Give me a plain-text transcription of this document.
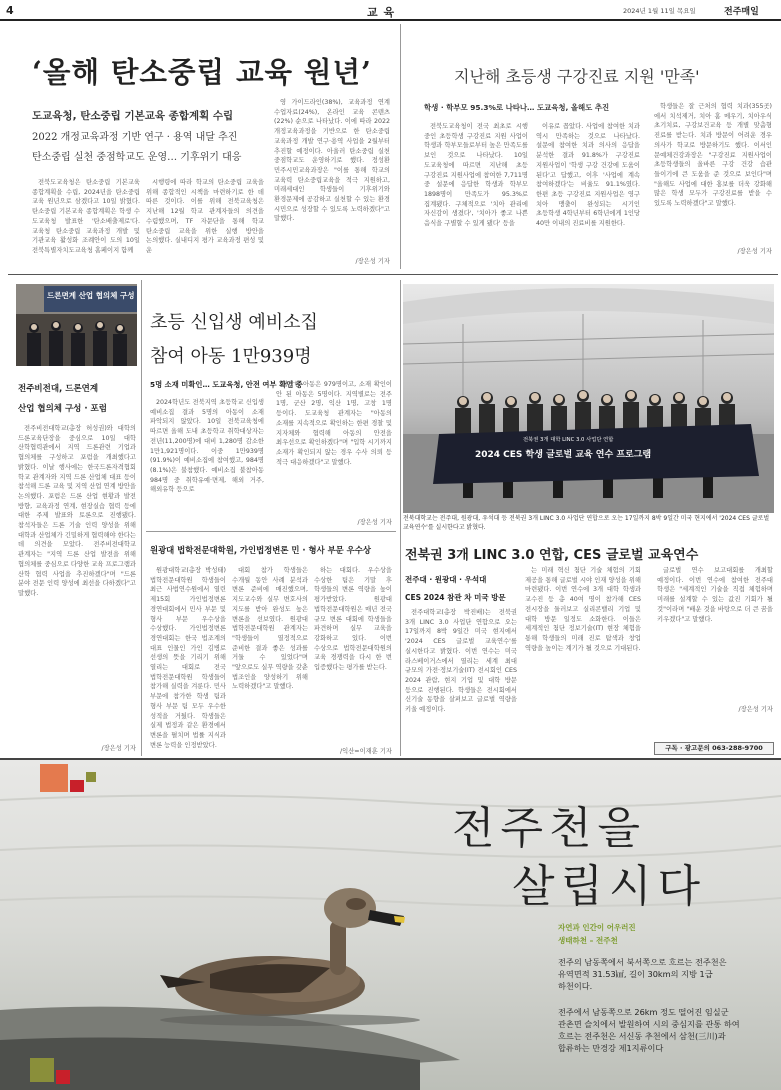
4	교 육	2024년 1월 11일 목요일	전주매일
‘올해 탄소중립 교육 원년’
도교육청, 탄소중립 기본교육 종합계획 수립
2022 개정교육과정 기반 연구 · 용역 내달 추진
탄소중립 실천 중점학교도 운영… 기후위기 대응

전북도교육청은 탄소중립 기본교육 종합계획을 수립, 2024년을 탄소중립 교육 원년으로 삼겠다고 10일 밝혔다. 탄소중립 기본교육 종합계획은 학생 수 도교육청 발표한 '탄소배출제로'다. 교육청 탄소중립 교육과정 개발 및 기관교육 활성화 조례안이 도의 10일 전북특별자치도교육청 홈페이지 함께

시행령에 따라 학교의 탄소중립 교육을 위해 종합적인 시책을 마련하기로 한 데 따른 것이다. 이를 위해 전북교육청은 지난해 12월 학교 관계자들의 의견을 수렴했으며, TF 자문단을 통해 학교 탄소중립 교육을 위한 실행 방안을 논의했다. 실내디지 평가 교육과정 편성 및 운

영 가이드라인(38%), 교육과정 연계 수업자료(24%), 온라인 교육 콘텐츠(22%) 순으로 나타났다. 이에 따라 2022 개정교육과정을 기반으로 한 탄소중립 교육과정 개발 연구·용역 사업을 2월부터 추진할 예정이다. 아울러 탄소중립 실천 중점학교도 운영하기로 했다. 정성환 민주시민교육과장은 "이를 통해 학교의 교육력 탄소중립교육을 적극 지원하고, 미래세대인 학생들이 기후위기와 환경문제에 공감하고 실천할 수 있는 환경 시민으로 성장할 수 있도록 노력하겠다"고 말했다.

/장은성 기자
지난해 초등생 구강진료 지원 '만족'
학생 · 학부모 95.3%로 나타나… 도교육청, 올해도 추진

전북도교육청이 전국 최초로 시행 중인 초등학생 구강진료 지원 사업이 학생과 학부모들로부터 높은 만족도를 보인 것으로 나타났다. 10일 도교육청에 따르면 지난해 초등 구강진료 지원사업에 참여한 7,711명 중 설문에 응답한 학생과 학부모 1898명이 만족도가 95.3%로 집계됐다. 구체적으로 '치아 관리에 자신감이 생겼다', '치아가 좋고 나쁜 음식을 구별할 수 있게 됐다' 등을

이유로 꼽았다. 사업에 참여한 치과 역시 만족하는 것으로 나타났다. 설문에 참여한 치과 의사의 응답을 분석한 결과 91.8%가 구강진료 지원사업이 '학생 구강 건강에 도움이 된다'고 답했고, 이후 '사업에 계속 참여하겠다'는 비율도 91.1%였다. 한편 초등 구강진료 지원사업은 영구 치아 맹출이 완성되는 시기인 초등학생 4학년부터 6학년에게 1인당 40만 이내의 진료비를 지원한다.

학생들은 잘 근처의 협력 치과(355곳)에서 치석제거, 치아 홈 메우기, 치아우식 초기치료, 구강보건교육 등 개별 맞춤형 진료를 받는다. 치과 방문이 어려운 경우 의사가 학교로 방문하기도 했다. 이서인 문예체건강과장은 "구강진료 지원사업이 초등학생들의 올바른 구강 건강 습관 들이기에 큰 도움을 준 것으로 보인다"며 "올해도 사업에 대한 홍보를 더욱 강화해 많은 학생 모두가 구강진료를 받을 수 있도록 노력하겠다"고 말했다.

/장은성 기자
드론면계 산업 협의체 구성
전주비전대, 드론연계
산업 협의체 구성 · 포럼

전주비전대학교(총장 허성권)와 대학의 드론교육단장을 중심으로 10일 대학 산학협력관에서 지역 드론관련 기업과 협의체를 구성하고 포럼을 개최했다고 밝혔다. 이날 행사에는 한국드론자격협회 학교 관계자와 지역 드론 산업체 대표 등이 참석해 드론 교육 및 지역 산업 연계 방안을 논의했다. 포럼은 드론 산업 현황과 발전 방향, 교육과정 연계, 현장실습 협력 등에 대한 주제 발표와 토론으로 진행됐다. 참석자들은 드론 기술 인력 양성을 위해 대학과 산업체가 긴밀하게 협력해야 한다는 데 의견을 모았다. 전주비전대학교 관계자는 "지역 드론 산업 발전을 위해 협의체를 중심으로 다양한 교육 프로그램과 산학 협력 사업을 추진하겠다"며 "드론 분야 전문 인력 양성에 최선을 다하겠다"고 말했다.

/장은성 기자
초등 신입생 예비소집
참여 아동 1만939명
5명 소재 미확인… 도교육청, 안전 여부 확인 중

2024학년도 전북지역 초등학교 신입생 예비소집 결과 5명의 아동이 소재 파악되지 않았다. 10일 전북교육청에 따르면 올해 도내 초등학교 취학대상자는 전년(11,200명)에 대비 1,280명 감소한 1만1,921명이다. 이중 1만939명(91.9%)이 예비소집에 참여했고, 984명(8.1%)은 불참했다. 예비소집 불참아동 984명 중 취학유예·면제, 해외 거주, 해외유학 등으로

불참한 아동은 979명이고, 소재 확인이 안 된 아동은 5명이다. 지역별로는 전주 1명, 군산 2명, 익산 1명, 고창 1명 등이다. 도교육청 관계자는 "아동의 소재를 지속적으로 확인하는 한편 경찰 및 지자체와 협력해 아동의 안전을 최우선으로 확인하겠다"며 "입학 시기까지 소재가 확인되지 않는 경우 수사 의뢰 등 적극 대응하겠다"고 말했다.

/장은성 기자
원광대 법학전문대학원, 가인법정변론 민 · 형사 부문 우수상

원광대학교(총장 박성태) 법학전문대학원 학생들이 최근 사법연수원에서 열린 제15회 가인법정변론 경연대회에서 민사 부문 및 형사 부문 우수상을 수상했다. 가인법정변론 경연대회는 한국 법조계의 대표 인물인 가인 김병로 선생의 뜻을 기리기 위해 열리는 대회로 전국 법학전문대학원 학생들이 참가해 실력을 겨룬다. 민사 부문에 참가한 학생 팀과 형사 부문 팀 모두 우수한 성적을 거뒀다. 학생들은 실제 법정과 같은 환경에서 변론을 펼치며 법률 지식과 변론 능력을 인정받았다.

대회 참가 학생들은 수개월 동안 사례 분석과 변론 준비에 매진했으며, 지도교수와 실무 변호사의 지도를 받아 완성도 높은 변론을 선보였다. 원광대 법학전문대학원 관계자는 "학생들이 열정적으로 준비한 결과 좋은 성과를 거둘 수 있었다"며 "앞으로도 실무 역량을 갖춘 법조인을 양성하기 위해 노력하겠다"고 말했다.

하는 대회다. 우수상을 수상한 팀은 기말 후 학생들의 변론 역량을 높이 평가받았다. 원광대 법학전문대학원은 매년 전국 규모 변론 대회에 학생들을 파견하며 실무 교육을 강화하고 있다. 이번 수상으로 법학전문대학원의 교육 경쟁력을 다시 한 번 입증했다는 평가를 받는다.

/익산=이재훈 기자
전북권 3개 대학 LINC 3.0 사업단 연합
2024 CES 학생 글로벌 교육 연수 프로그램
전북대학교는 전주대, 원광대, 우석대 등 전북권 3개 LINC 3.0 사업단 연합으로 오는 17일까지 8박 9일간 미국 현지에서 '2024 CES 글로벌 교육연수'를 실시한다고 밝혔다.
전북권 3개 LINC 3.0 연합, CES 글로벌 교육연수
전주대 · 원광대 · 우석대
CES 2024 참관 차 미국 방문

전주대학교(총장 박진배)는 전북권 3개 LINC 3.0 사업단 연합으로 오는 17일까지 8박 9일간 미국 현지에서 '2024 CES 글로벌 교육연수'를 실시한다고 밝혔다. 이번 연수는 미국 라스베이거스에서 열리는 세계 최대 규모의 가전·정보기술(IT) 전시회인 CES 2024 관람, 현지 기업 및 대학 방문 등으로 진행된다. 학생들은 전시회에서 신기술 동향을 살펴보고 글로벌 역량을 키울 예정이다.

는 미래 혁신 첨단 기술 체험의 기회 제공을 통해 글로벌 시야 인재 양성을 위해 마련됐다. 이번 연수에 3개 대학 학생과 교수진 등 총 40여 명이 참가해 CES 전시장을 둘러보고 실리콘밸리 기업 및 대학 방문 일정도 소화한다. 이들은 세계적인 첨단 정보기술(IT) 현장 체험을 통해 학생들의 미래 진로 탐색과 창업 역량을 높이는 계기가 될 것으로 기대된다.

글로벌 연수 보고대회를 개최할 예정이다. 이번 연수에 참여한 전주대 학생은 "세계적인 기술을 직접 체험하며 미래를 설계할 수 있는 값진 기회가 될 것"이라며 "배운 것을 바탕으로 더 큰 꿈을 키우겠다"고 말했다.

/장은성 기자
구독 · 광고문의 063-288-9700
전주천을
살립시다
자연과 인간이 어우러진
생태하천 – 전주천
전주의 남동쪽에서 북서쪽으로 흐르는 전주천은 유역면적 31.53㎢, 길이 30km의 지방 1급 하천이다.
전주에서 남동쪽으로 26km 정도 떨어진 임실군 관촌면 슬치에서 발원하여 시의 중심지를 관통 하여 흐르는 전주천은 서신동 추천에서 삼천(三川)과 합류하는 만경강 제1지류이다
